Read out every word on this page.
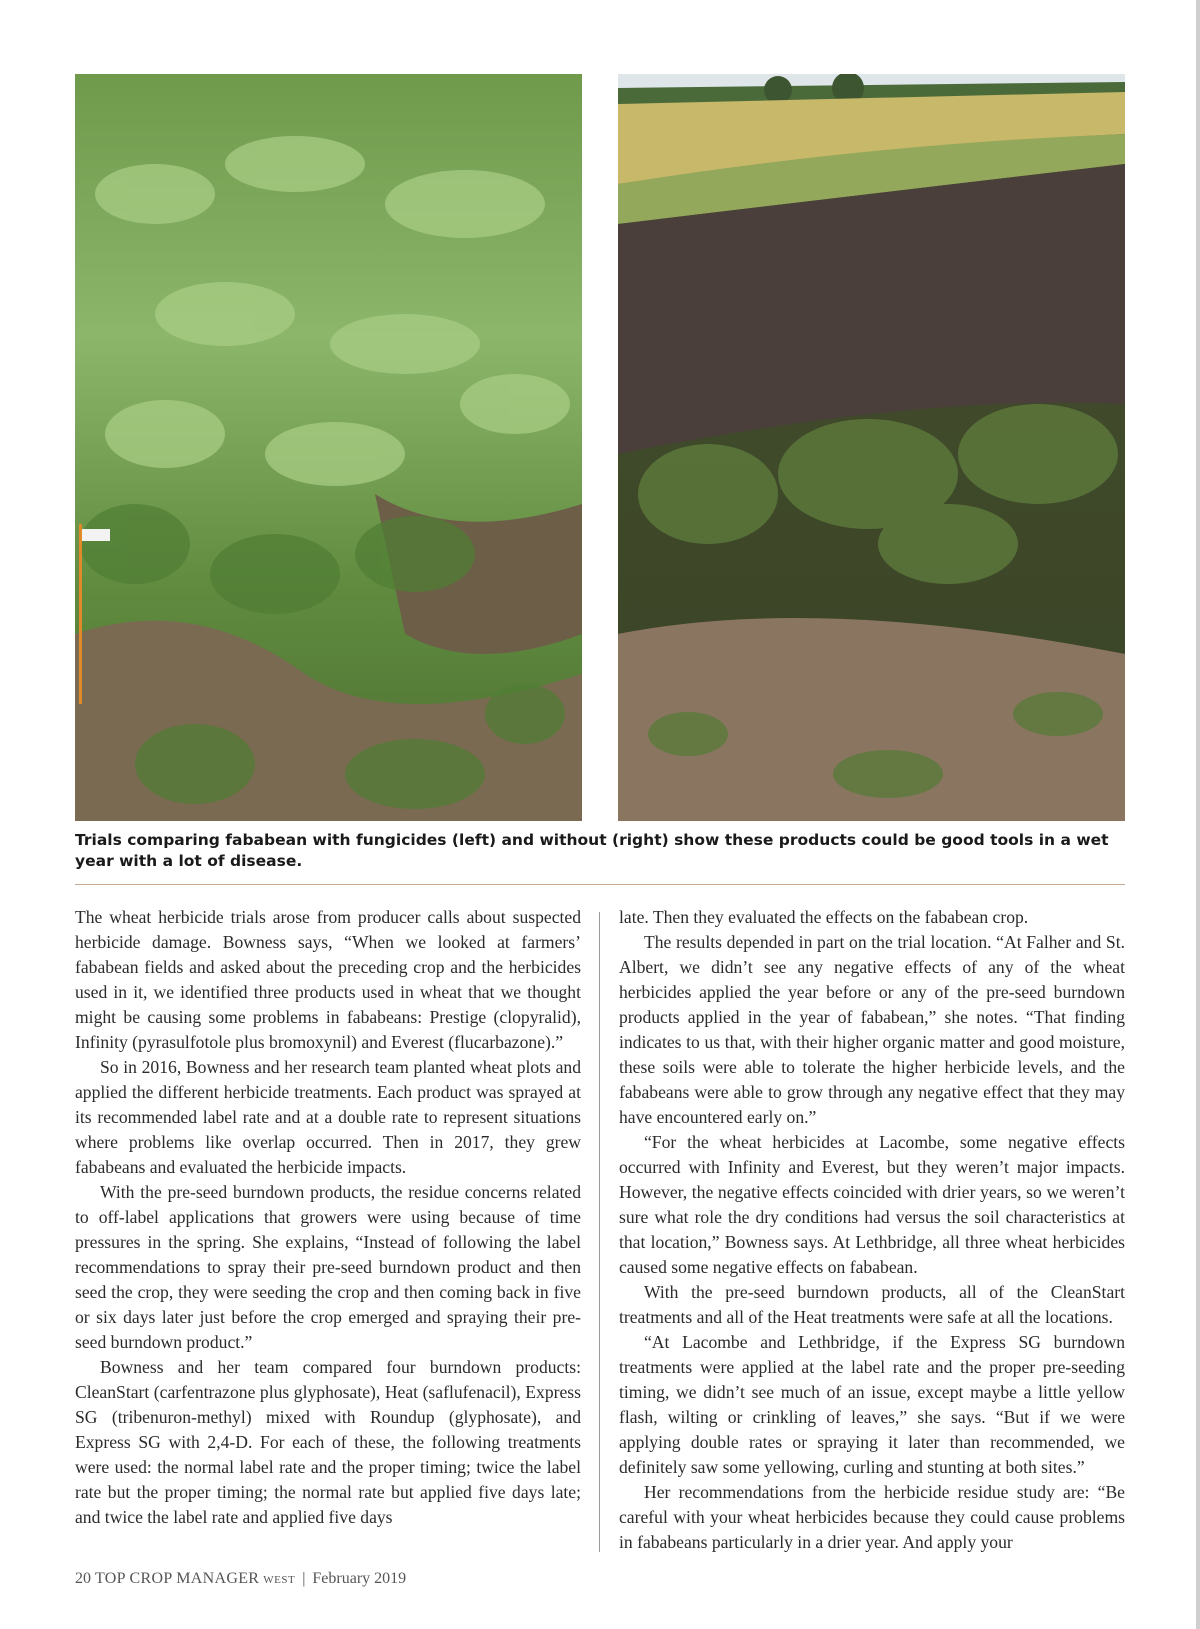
Trials comparing fababean with fungicides (left) and without (right) show these products could be good tools in a wet year with a lot of disease.

The wheat herbicide trials arose from producer calls about suspected herbicide damage. Bowness says, “When we looked at farmers’ fababean fields and asked about the preceding crop and the herbicides used in it, we identified three products used in wheat that we thought might be causing some problems in fababeans: Prestige (clopyralid), Infinity (pyrasulfotole plus bromoxynil) and Everest (flucarbazone).”

So in 2016, Bowness and her research team planted wheat plots and applied the different herbicide treatments. Each product was sprayed at its recommended label rate and at a double rate to represent situations where problems like overlap occurred. Then in 2017, they grew fababeans and evaluated the herbicide impacts.

With the pre-seed burndown products, the residue concerns related to off-label applications that growers were using because of time pressures in the spring. She explains, “Instead of following the label recommendations to spray their pre-seed burndown product and then seed the crop, they were seeding the crop and then coming back in five or six days later just before the crop emerged and spraying their pre-seed burndown product.”

Bowness and her team compared four burndown products: CleanStart (carfentrazone plus glyphosate), Heat (saflufenacil), Express SG (tribenuron-methyl) mixed with Roundup (glyphosate), and Express SG with 2,4-D. For each of these, the following treatments were used: the normal label rate and the proper timing; twice the label rate but the proper timing; the normal rate but applied five days late; and twice the label rate and applied five days

late. Then they evaluated the effects on the fababean crop.

The results depended in part on the trial location. “At Falher and St. Albert, we didn’t see any negative effects of any of the wheat herbicides applied the year before or any of the pre-seed burndown products applied in the year of fababean,” she notes. “That finding indicates to us that, with their higher organic matter and good moisture, these soils were able to tolerate the higher herbicide levels, and the fababeans were able to grow through any negative effect that they may have encountered early on.”

“For the wheat herbicides at Lacombe, some negative effects occurred with Infinity and Everest, but they weren’t major impacts. However, the negative effects coincided with drier years, so we weren’t sure what role the dry conditions had versus the soil characteristics at that location,” Bowness says. At Lethbridge, all three wheat herbicides caused some negative effects on fababean.

With the pre-seed burndown products, all of the CleanStart treatments and all of the Heat treatments were safe at all the locations.

“At Lacombe and Lethbridge, if the Express SG burndown treatments were applied at the label rate and the proper pre-seeding timing, we didn’t see much of an issue, except maybe a little yellow flash, wilting or crinkling of leaves,” she says. “But if we were applying double rates or spraying it later than recommended, we definitely saw some yellowing, curling and stunting at both sites.”

Her recommendations from the herbicide residue study are: “Be careful with your wheat herbicides because they could cause problems in fababeans particularly in a drier year. And apply your

20 TOP CROP MANAGER WEST | February 2019
